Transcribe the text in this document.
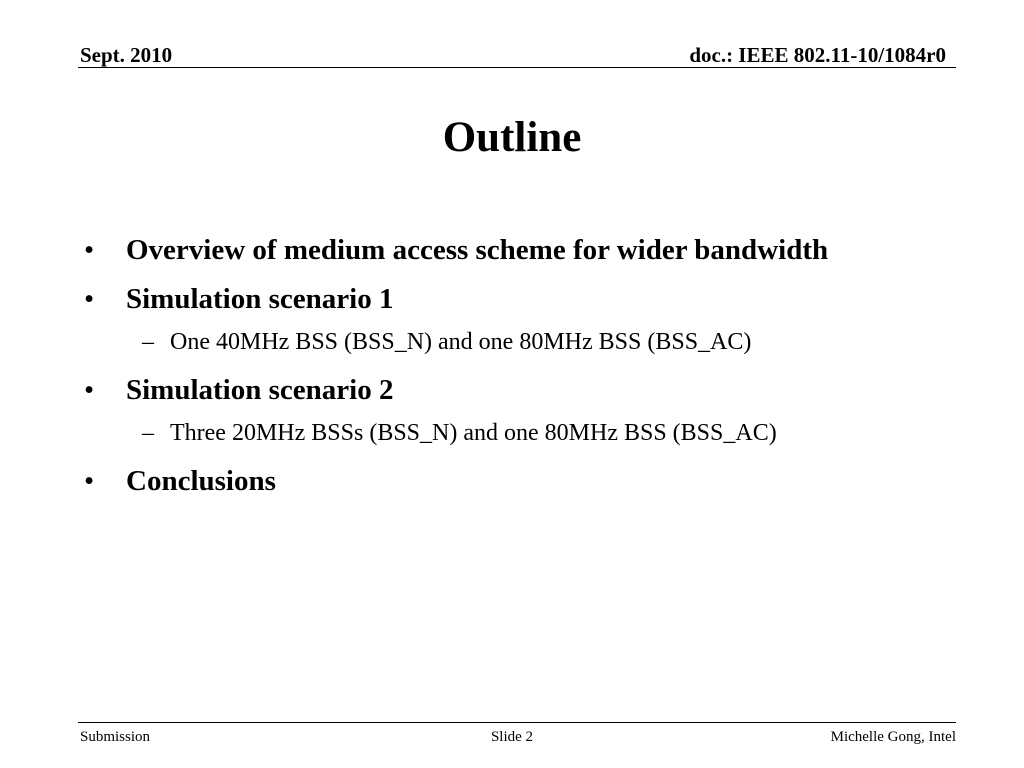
Sept. 2010	doc.: IEEE 802.11-10/1084r0
Outline
•	Overview of medium access scheme for wider bandwidth
•	Simulation scenario 1
– One 40MHz BSS (BSS_N) and one 80MHz BSS (BSS_AC)
•	Simulation scenario 2
– Three 20MHz BSSs (BSS_N) and one 80MHz BSS (BSS_AC)
•	Conclusions
Submission	Slide 2	Michelle Gong, Intel
